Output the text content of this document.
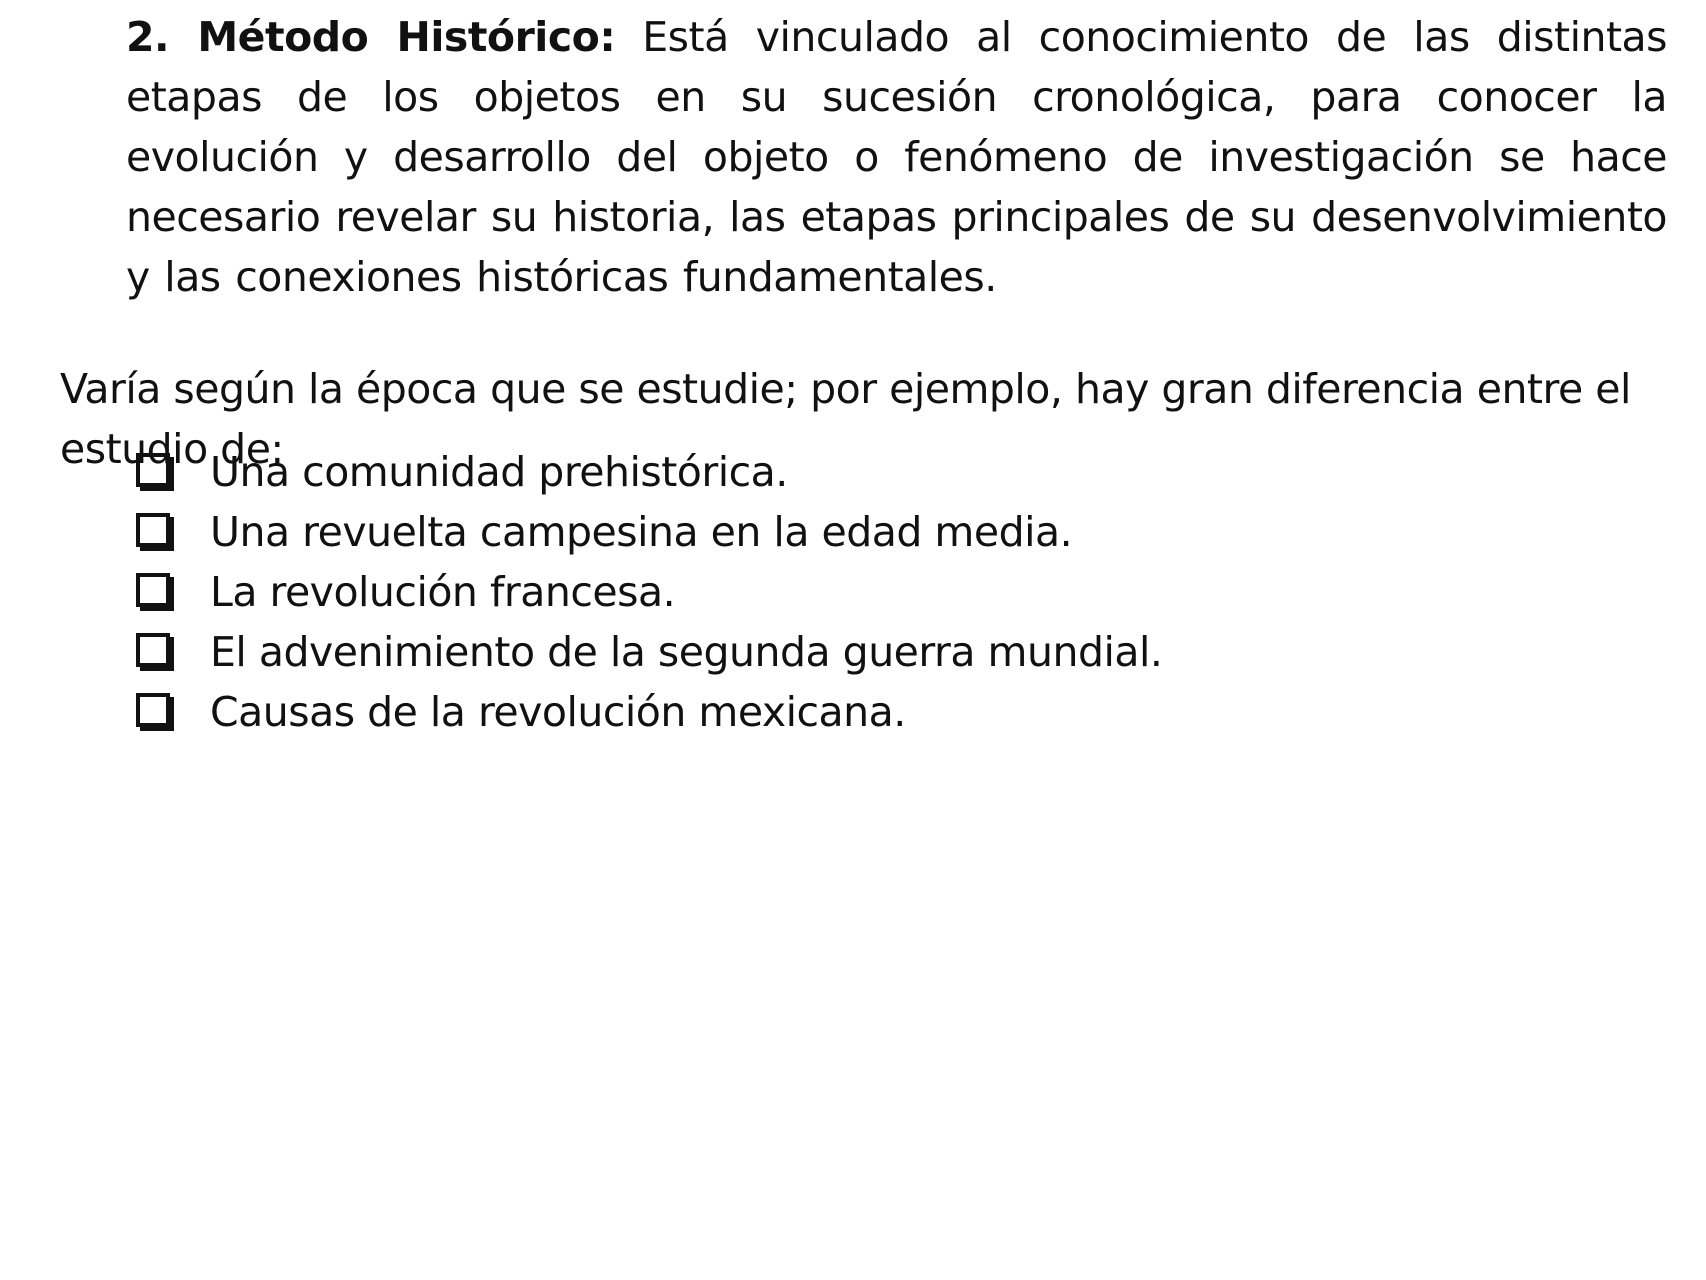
2. Método Histórico: Está vinculado al conocimiento de las distintas etapas de los objetos en su sucesión cronológica, para conocer la evolución y desarrollo del objeto o fenómeno de investigación se hace necesario revelar su historia, las etapas principales de su desenvolvimiento y las conexiones históricas fundamentales.

Varía según la época que se estudie; por ejemplo, hay gran diferencia entre el estudio de:

Una comunidad prehistórica.
Una revuelta campesina en la edad media.
La revolución francesa.
El advenimiento de la segunda guerra mundial.
Causas de la revolución mexicana.
